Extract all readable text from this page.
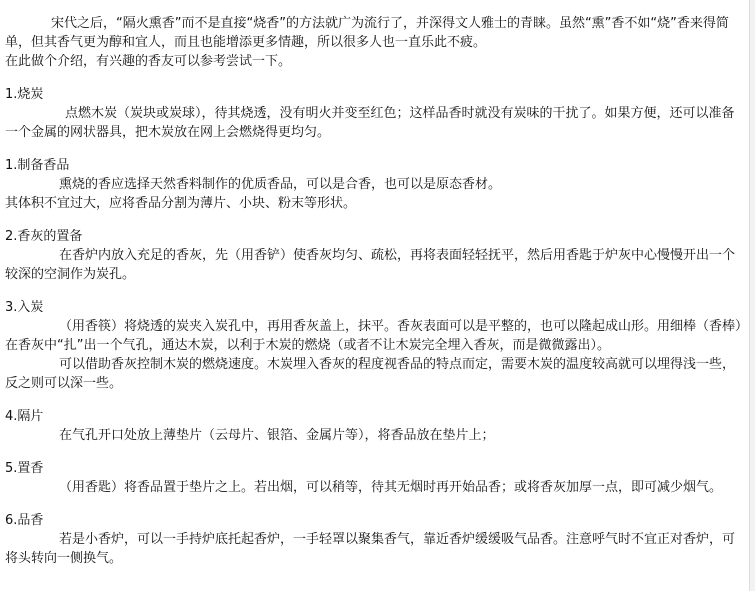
宋代之后，“隔火熏香”而不是直接“烧香”的方法就广为流行了，并深得文人雅士的青睐。虽然“熏”香不如“烧”香来得简单，但其香气更为醇和宜人，而且也能增添更多情趣，所以很多人也一直乐此不疲。

在此做个介绍，有兴趣的香友可以参考尝试一下。

1.烧炭

点燃木炭（炭块或炭球），待其烧透，没有明火并变至红色；这样品香时就没有炭味的干扰了。如果方便，还可以准备一个金属的网状器具，把木炭放在网上会燃烧得更均匀。

1.制备香品

熏烧的香应选择天然香料制作的优质香品，可以是合香，也可以是原态香材。

其体积不宜过大，应将香品分割为薄片、小块、粉末等形状。

2.香灰的置备

在香炉内放入充足的香灰，先（用香铲）使香灰均匀、疏松，再将表面轻轻抚平，然后用香匙于炉灰中心慢慢开出一个较深的空洞作为炭孔。

3.入炭

（用香筷）将烧透的炭夹入炭孔中，再用香灰盖上，抹平。香灰表面可以是平整的，也可以隆起成山形。用细棒（香棒）在香灰中“扎”出一个气孔，通达木炭，以利于木炭的燃烧（或者不让木炭完全埋入香灰，而是微微露出）。

可以借助香灰控制木炭的燃烧速度。木炭埋入香灰的程度视香品的特点而定，需要木炭的温度较高就可以埋得浅一些，反之则可以深一些。

4.隔片

在气孔开口处放上薄垫片（云母片、银箔、金属片等），将香品放在垫片上；

5.置香

（用香匙）将香品置于垫片之上。若出烟，可以稍等，待其无烟时再开始品香；或将香灰加厚一点，即可减少烟气。

6.品香

若是小香炉，可以一手持炉底托起香炉，一手轻罩以聚集香气，靠近香炉缓缓吸气品香。注意呼气时不宜正对香炉，可将头转向一侧换气。
